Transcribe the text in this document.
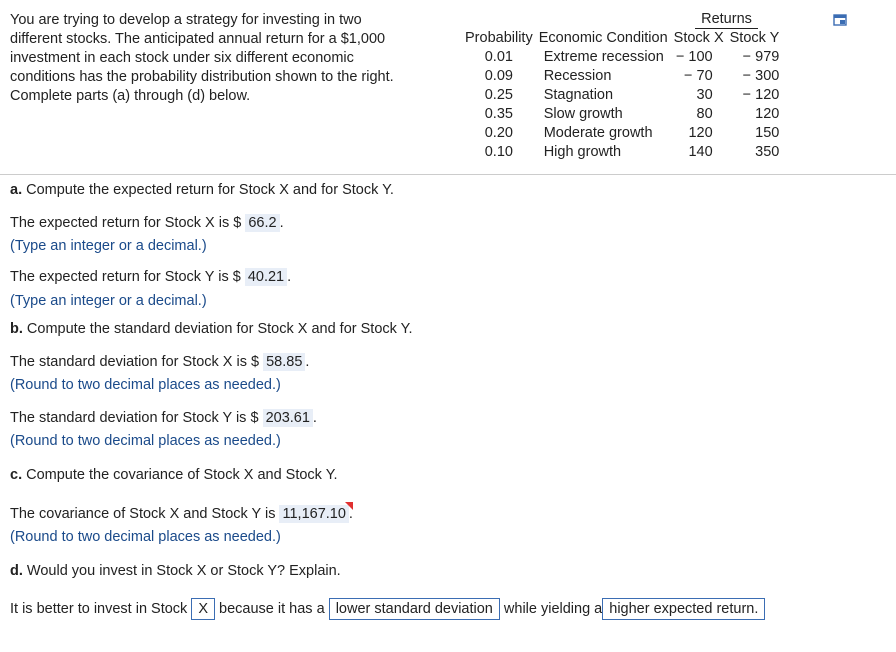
You are trying to develop a strategy for investing in two different stocks. The anticipated annual return for a $1,000 investment in each stock under six different economic conditions has the probability distribution shown to the right. Complete parts (a) through (d) below.
		Returns	
Probability	Economic Condition	Stock X	Stock Y
0.01	Extreme recession	− 100	− 979
0.09	Recession	− 70	− 300
0.25	Stagnation	30	− 120
0.35	Slow growth	80	120
0.20	Moderate growth	120	150
0.10	High growth	140	350
a. Compute the expected return for Stock X and for Stock Y.
The expected return for Stock X is $ 66.2 .
(Type an integer or a decimal.)
The expected return for Stock Y is $ 40.21 .
(Type an integer or a decimal.)
b. Compute the standard deviation for Stock X and for Stock Y.
The standard deviation for Stock X is $ 58.85 .
(Round to two decimal places as needed.)
The standard deviation for Stock Y is $ 203.61 .
(Round to two decimal places as needed.)
c. Compute the covariance of Stock X and Stock Y.
The covariance of Stock X and Stock Y is 11,167.10 .
(Round to two decimal places as needed.)
d. Would you invest in Stock X or Stock Y? Explain.
It is better to invest in Stock X because it has a lower standard deviation while yielding a higher expected return.
